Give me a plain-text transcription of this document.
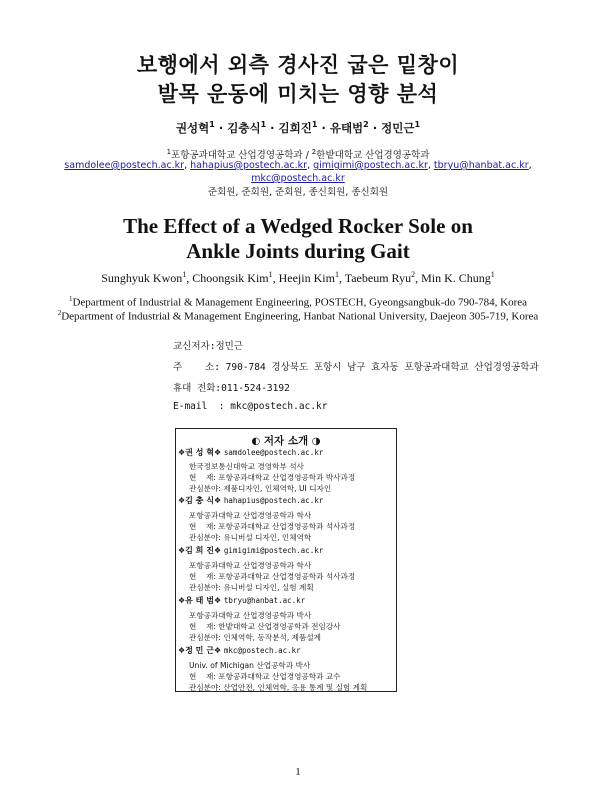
보행에서 외측 경사진 굽은 밑창이
발목 운동에 미치는 영향 분석
권성혁$^1$ · 김충식$^1$ · 김희진$^1$ · 유태범$^2$ · 정민근$^1$
$^1$포항공과대학교 산업경영공학과 / $^2$한밭대학교 산업경영공학과
samdolee@postech.ac.kr, hahapius@postech.ac.kr, gimigimi@postech.ac.kr, tbryu@hanbat.ac.kr,
mkc@postech.ac.kr
준회원, 준회원, 준회원, 종신회원, 종신회원
The Effect of a Wedged Rocker Sole on
Ankle Joints during Gait
Sunghyuk Kwon$^1$, Choongsik Kim$^1$, Heejin Kim$^1$, Taebeum Ryu$^2$, Min K. Chung$^1$
$^1$Department of Industrial & Management Engineering, POSTECH, Gyeongsangbuk-do 790-784, Korea
$^2$Department of Industrial & Management Engineering, Hanbat National University, Daejeon 305-719, Korea
교신저자:정민근
주    소: 790-784 경상북도 포항시 남구 효자동 포항공과대학교 산업경영공학과
휴대 전화:011-524-3192
E-mail  : mkc@postech.ac.kr
◐ 저자 소개 ◑
❖권 성 혁❖ samdolee@postech.ac.kr
한국정보통신대학교 경영학부 석사
현    재: 포항공과대학교 산업경영공학과 박사과정
관심분야: 제품디자인, 인체역학, UI 디자인
❖김 충 식❖ hahapius@postech.ac.kr
포항공과대학교 산업경영공학과 학사
현    재: 포항공과대학교 산업경영공학과 석사과정
관심분야: 유니버설 디자인, 인체역학
❖김 희 진❖ gimigimi@postech.ac.kr
포항공과대학교 산업경영공학과 학사
현    재: 포항공과대학교 산업경영공학과 석사과정
관심분야: 유니버설 디자인, 실험 계획
❖유 태 범❖ tbryu@hanbat.ac.kr
포항공과대학교 산업경영공학과 박사
현    재: 한밭대학교 산업경영공학과 전임강사
관심분야: 인체역학, 동작분석, 제품설계
❖정 민 근❖ mkc@postech.ac.kr
Univ. of Michigan 산업공학과 박사
현    재: 포항공과대학교 산업경영공학과 교수
관심분야: 산업안전, 인체역학, 응용 통계 및 실험 계획
1
